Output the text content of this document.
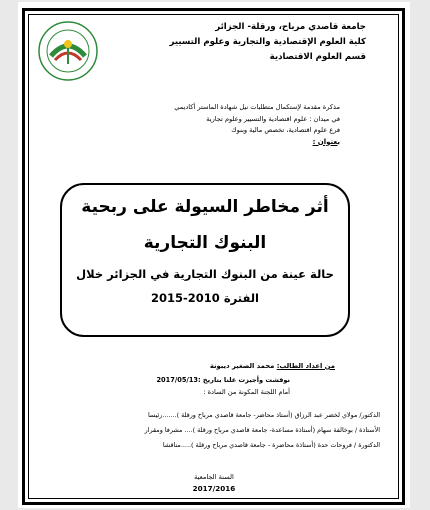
جامعة قاصدي مرباح، ورقلة- الجزائر
كلية العلوم الإقتصادية والتجارية وعلوم التسيير
قسم العلوم الاقتصادية
مذكرة مقدمة لإستكمال متطلبات نيل شهادة الماستر أكاديمي
في ميدان : علوم اقتصادية والتسيير وعلوم تجارية
فرع علوم اقتصادية، تخصص مالية وبنوك
بعنوان :
أثر مخاطر السيولة على ربحية
البنوك التجارية
حالة عينة من البنوك التجارية في الجزائر خلال
الفترة 2010-2015
من اعداد الطالب: محمد الصغير ديبونة
نوقشت وأجيزت علنا بتاريخ :2017/05/13
أمام اللجنة المكونة من السادة :
الدكتور/ مولاي لخضر عبد الرزاق (أستاذ محاضر- جامعة قاصدي مرباح ورقلة ).......رئيسا
الأستاذة / بوخالفة سهام (أستاذة مساعدة- جامعة قاصدي مرباح ورقلة ).... مشرفا ومقرار
الدكتورة / فروحات حدة (أستاذة محاضرة - جامعة قاصدي مرباح ورقلة ).....مناقشا
السنة الجامعية
2017/2016
